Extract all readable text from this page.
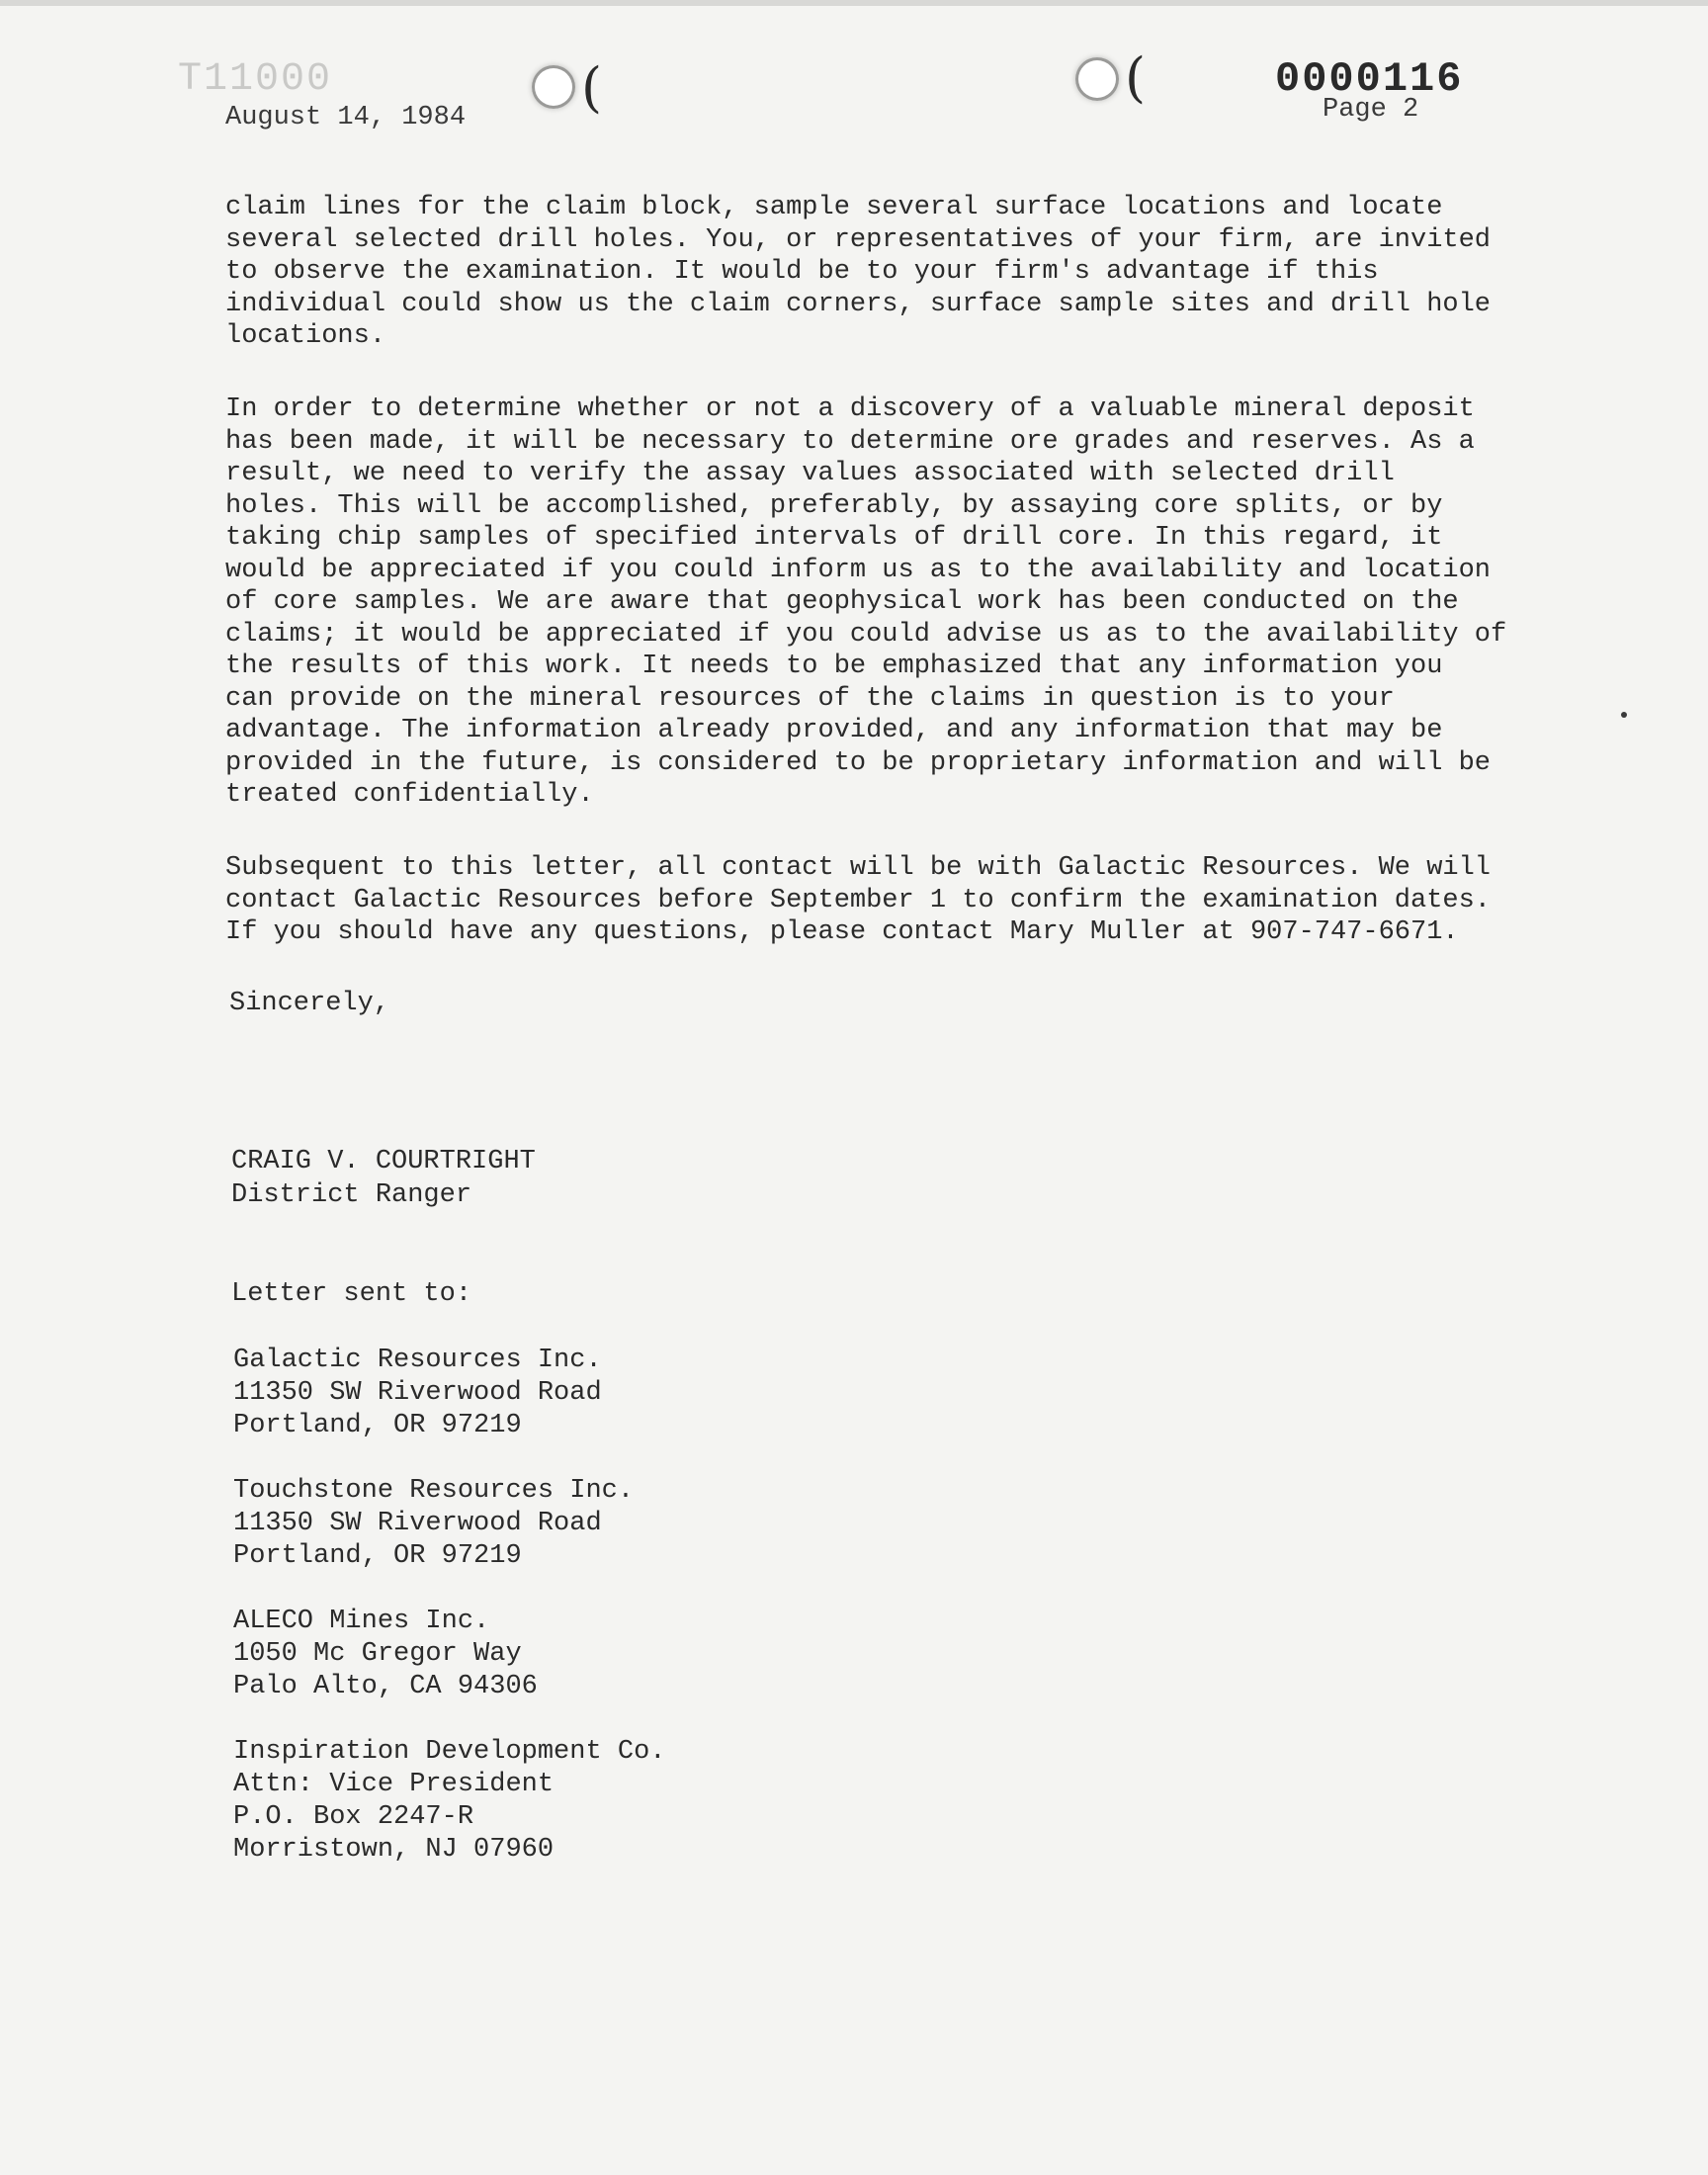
T11000
August 14, 1984 (	(	0000116
Page 2
claim lines for the claim block, sample several surface locations and locate
several selected drill holes. You, or representatives of your firm, are invited
to observe the examination. It would be to your firm's advantage if this
individual could show us the claim corners, surface sample sites and drill hole
locations.
In order to determine whether or not a discovery of a valuable mineral deposit
has been made, it will be necessary to determine ore grades and reserves. As a
result, we need to verify the assay values associated with selected drill
holes. This will be accomplished, preferably, by assaying core splits, or by
taking chip samples of specified intervals of drill core. In this regard, it
would be appreciated if you could inform us as to the availability and location
of core samples. We are aware that geophysical work has been conducted on the
claims; it would be appreciated if you could advise us as to the availability of
the results of this work. It needs to be emphasized that any information you
can provide on the mineral resources of the claims in question is to your
advantage. The information already provided, and any information that may be
provided in the future, is considered to be proprietary information and will be
treated confidentially.
Subsequent to this letter, all contact will be with Galactic Resources. We will
contact Galactic Resources before September 1 to confirm the examination dates.
If you should have any questions, please contact Mary Muller at 907-747-6671.
Sincerely,
CRAIG V. COURTRIGHT
District Ranger
Letter sent to:
Galactic Resources Inc.
11350 SW Riverwood Road
Portland, OR 97219
Touchstone Resources Inc.
11350 SW Riverwood Road
Portland, OR 97219
ALECO Mines Inc.
1050 Mc Gregor Way
Palo Alto, CA 94306
Inspiration Development Co.
Attn: Vice President
P.O. Box 2247-R
Morristown, NJ 07960
